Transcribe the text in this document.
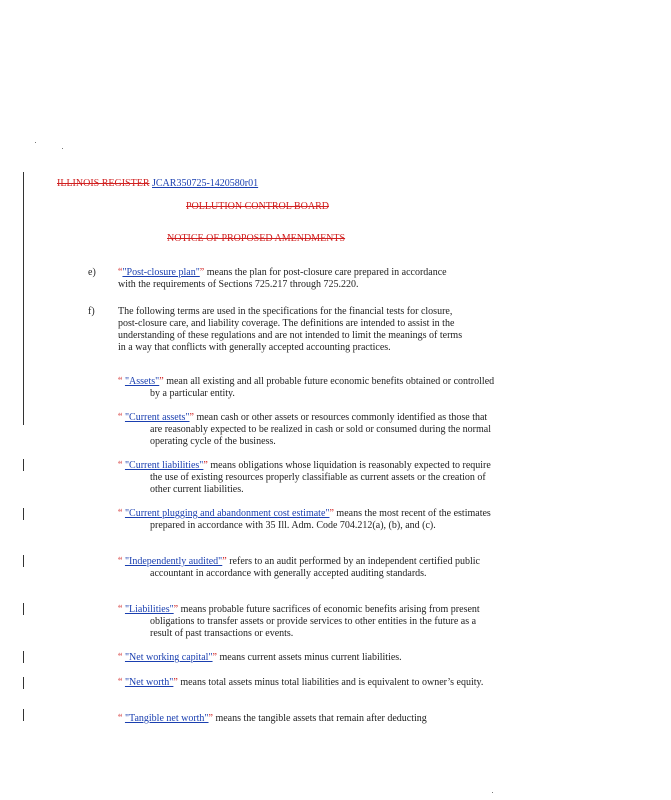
ILLINOIS REGISTER JCAR350725-1420580r01
POLLUTION CONTROL BOARD
NOTICE OF PROPOSED AMENDMENTS
e) “"Post-closure plan"” means the plan for post-closure care prepared in accordance with the requirements of Sections 725.217 through 725.220.
f) The following terms are used in the specifications for the financial tests for closure, post-closure care, and liability coverage. The definitions are intended to assist in the understanding of these regulations and are not intended to limit the meanings of terms in a way that conflicts with generally accepted accounting practices.
“ "Assets"” mean all existing and all probable future economic benefits obtained or controlled by a particular entity.
“ "Current assets"” mean cash or other assets or resources commonly identified as those that are reasonably expected to be realized in cash or sold or consumed during the normal operating cycle of the business.
“ "Current liabilities"” means obligations whose liquidation is reasonably expected to require the use of existing resources properly classifiable as current assets or the creation of other current liabilities.
“ "Current plugging and abandonment cost estimate"” means the most recent of the estimates prepared in accordance with 35 Ill. Adm. Code 704.212(a), (b), and (c).
“ "Independently audited"” refers to an audit performed by an independent certified public accountant in accordance with generally accepted auditing standards.
“ "Liabilities"” means probable future sacrifices of economic benefits arising from present obligations to transfer assets or provide services to other entities in the future as a result of past transactions or events.
“ "Net working capital"” means current assets minus current liabilities.
“ "Net worth"” means total assets minus total liabilities and is equivalent to owner’s equity.
“ "Tangible net worth"” means the tangible assets that remain after deducting
